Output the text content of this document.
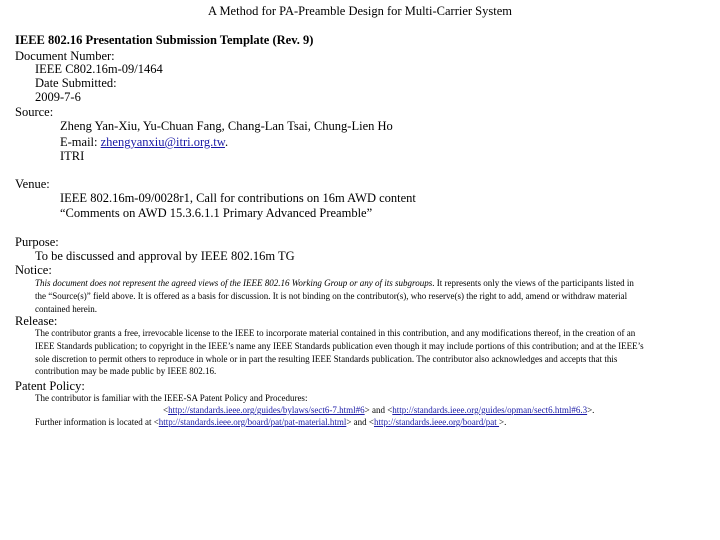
A Method for PA-Preamble Design for Multi-Carrier System
IEEE 802.16 Presentation Submission Template (Rev. 9)
Document Number:
IEEE C802.16m-09/1464
Date Submitted:
2009-7-6
Source:
Zheng Yan-Xiu, Yu-Chuan Fang, Chang-Lan Tsai, Chung-Lien Ho
E-mail: zhengyanxiu@itri.org.tw.
ITRI
Venue:
IEEE 802.16m-09/0028r1, Call for contributions on 16m AWD content
“Comments on AWD 15.3.6.1.1 Primary Advanced Preamble”
Purpose:
To be discussed and approval by IEEE 802.16m TG
Notice:
This document does not represent the agreed views of the IEEE 802.16 Working Group or any of its subgroups. It represents only the views of the participants listed in
the “Source(s)” field above. It is offered as a basis for discussion. It is not binding on the contributor(s), who reserve(s) the right to add, amend or withdraw material
contained herein.
Release:
The contributor grants a free, irrevocable license to the IEEE to incorporate material contained in this contribution, and any modifications thereof, in the creation of an
IEEE Standards publication; to copyright in the IEEE’s name any IEEE Standards publication even though it may include portions of this contribution; and at the IEEE’s
sole discretion to permit others to reproduce in whole or in part the resulting IEEE Standards publication. The contributor also acknowledges and accepts that this
contribution may be made public by IEEE 802.16.
Patent Policy:
The contributor is familiar with the IEEE-SA Patent Policy and Procedures:
<http://standards.ieee.org/guides/bylaws/sect6-7.html#6> and <http://standards.ieee.org/guides/opman/sect6.html#6.3>.
Further information is located at <http://standards.ieee.org/board/pat/pat-material.html> and <http://standards.ieee.org/board/pat >.
